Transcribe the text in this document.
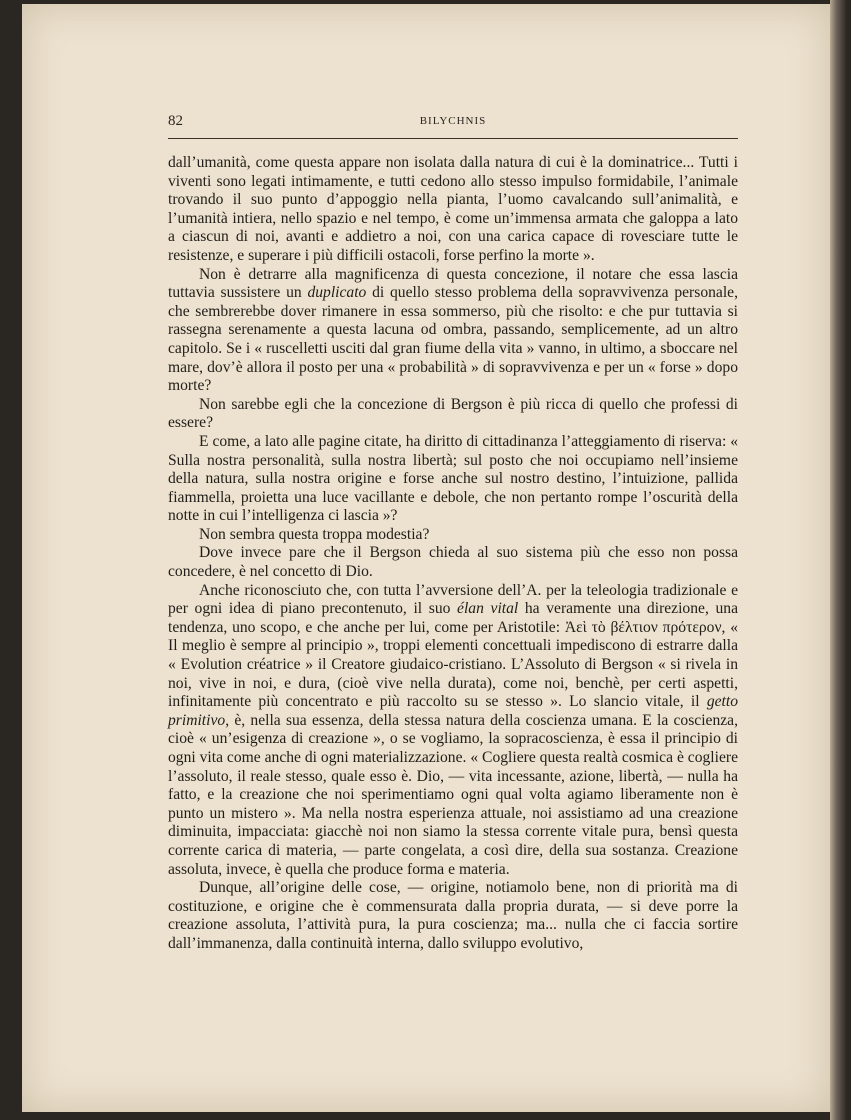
82	BILYCHNIS

dall’umanità, come questa appare non isolata dalla natura di cui è la dominatrice... Tutti i viventi sono legati intimamente, e tutti cedono allo stesso impulso formidabile, l’animale trovando il suo punto d’appoggio nella pianta, l’uomo cavalcando sull’animalità, e l’umanità intiera, nello spazio e nel tempo, è come un’immensa armata che galoppa a lato a ciascun di noi, avanti e addietro a noi, con una carica capace di rovesciare tutte le resistenze, e superare i più difficili ostacoli, forse perfino la morte ».

Non è detrarre alla magnificenza di questa concezione, il notare che essa lascia tuttavia sussistere un duplicato di quello stesso problema della sopravvivenza personale, che sembrerebbe dover rimanere in essa sommerso, più che risolto: e che pur tuttavia si rassegna serenamente a questa lacuna od ombra, passando, semplicemente, ad un altro capitolo. Se i « ruscelletti usciti dal gran fiume della vita » vanno, in ultimo, a sboccare nel mare, dov’è allora il posto per una « probabilità » di sopravvivenza e per un « forse » dopo morte?

Non sarebbe egli che la concezione di Bergson è più ricca di quello che professi di essere?

E come, a lato alle pagine citate, ha diritto di cittadinanza l’atteggiamento di riserva: « Sulla nostra personalità, sulla nostra libertà; sul posto che noi occupiamo nell’insieme della natura, sulla nostra origine e forse anche sul nostro destino, l’intuizione, pallida fiammella, proietta una luce vacillante e debole, che non pertanto rompe l’oscurità della notte in cui l’intelligenza ci lascia »?

Non sembra questa troppa modestia?

Dove invece pare che il Bergson chieda al suo sistema più che esso non possa concedere, è nel concetto di Dio.

Anche riconosciuto che, con tutta l’avversione dell’A. per la teleologia tradizionale e per ogni idea di piano precontenuto, il suo élan vital ha veramente una direzione, una tendenza, uno scopo, e che anche per lui, come per Aristotile: Ἀεὶ τὸ βέλτιον πρότερον, « Il meglio è sempre al principio », troppi elementi concettuali impediscono di estrarre dalla « Evolution créatrice » il Creatore giudaico-cristiano. L’Assoluto di Bergson « si rivela in noi, vive in noi, e dura, (cioè vive nella durata), come noi, benchè, per certi aspetti, infinitamente più concentrato e più raccolto su se stesso ». Lo slancio vitale, il getto primitivo, è, nella sua essenza, della stessa natura della coscienza umana. E la coscienza, cioè « un’esigenza di creazione », o se vogliamo, la sopracoscienza, è essa il principio di ogni vita come anche di ogni materializzazione. « Cogliere questa realtà cosmica è cogliere l’assoluto, il reale stesso, quale esso è. Dio, — vita incessante, azione, libertà, — nulla ha fatto, e la creazione che noi sperimentiamo ogni qual volta agiamo liberamente non è punto un mistero ». Ma nella nostra esperienza attuale, noi assistiamo ad una creazione diminuita, impacciata: giacchè noi non siamo la stessa corrente vitale pura, bensì questa corrente carica di materia, — parte congelata, a così dire, della sua sostanza. Creazione assoluta, invece, è quella che produce forma e materia.

Dunque, all’origine delle cose, — origine, notiamolo bene, non di priorità ma di costituzione, e origine che è commensurata dalla propria durata, — si deve porre la creazione assoluta, l’attività pura, la pura coscienza; ma... nulla che ci faccia sortire dall’immanenza, dalla continuità interna, dallo sviluppo evolutivo,
